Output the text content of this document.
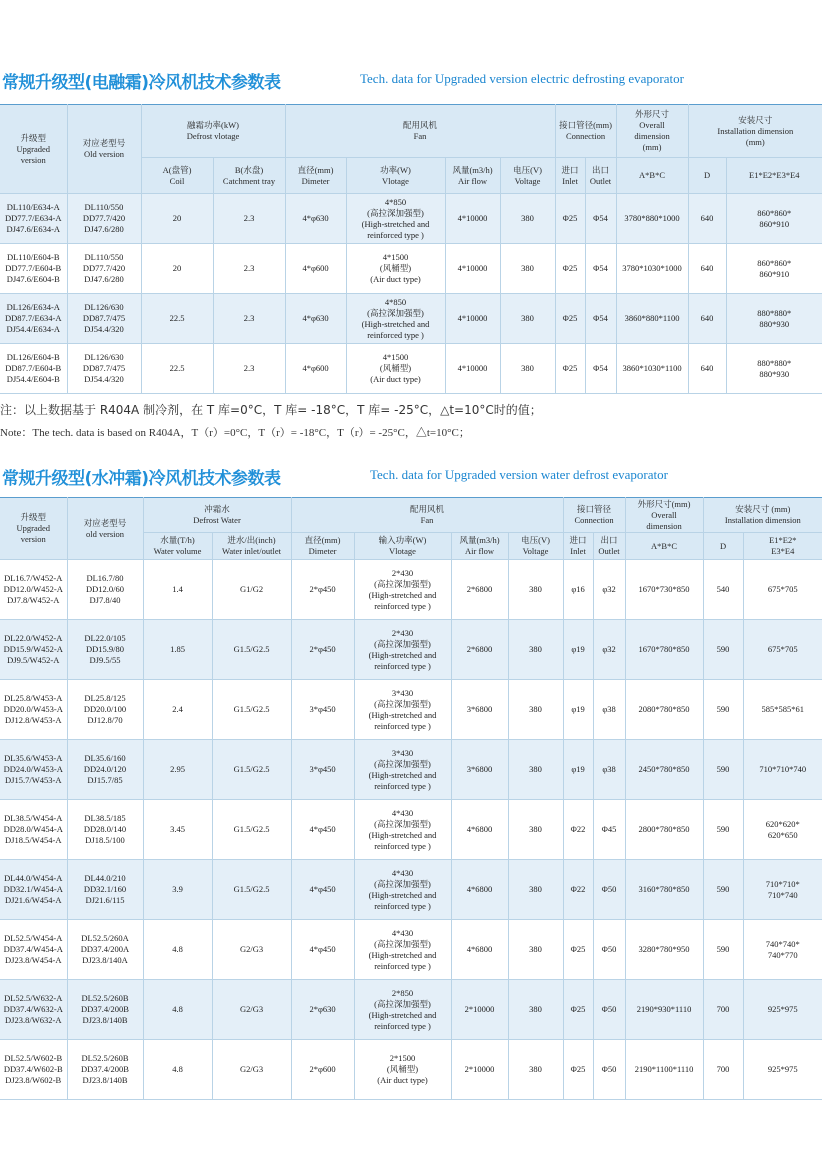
常规升级型(电融霜)冷风机技术参数表	Tech. data for Upgraded version electric defrosting evaporator
升级型
Upgraded
version	对应老型号
Old version	融霜功率(kW)
Defrost vlotage		配用风机
Fan				接口管径(mm)
Connection		外形尺寸
Overall
dimension
(mm)	安装尺寸
Installation dimension
(mm)	

		A(盘管)
Coil	B(水盘)
Catchment tray	直径(mm)
Dimeter	功率(W)
Vlotage	风量(m3/h)
Air flow	电压(V)
Voltage	进口
Inlet	出口
Outlet	A*B*C	D	E1*E2*E3*E4

DL110/E634-A
DD77.7/E634-A
DJ47.6/E634-A	DL110/550
DD77.7/420
DJ47.6/280	20	2.3	4*φ630	4*850
(高拉深加强型)
(High-stretched and
reinforced type )	4*10000	380	Φ25	Φ54	3780*880*1000	640	860*860*
860*910

DL110/E604-B
DD77.7/E604-B
DJ47.6/E604-B	DL110/550
DD77.7/420
DJ47.6/280	20	2.3	4*φ600	4*1500
(风桶型)
(Air duct type)	4*10000	380	Φ25	Φ54	3780*1030*1000	640	860*860*
860*910

DL126/E634-A
DD87.7/E634-A
DJ54.4/E634-A	DL126/630
DD87.7/475
DJ54.4/320	22.5	2.3	4*φ630	4*850
(高拉深加强型)
(High-stretched and
reinforced type )	4*10000	380	Φ25	Φ54	3860*880*1100	640	880*880*
880*930

DL126/E604-B
DD87.7/E604-B
DJ54.4/E604-B	DL126/630
DD87.7/475
DJ54.4/320	22.5	2.3	4*φ600	4*1500
(风桶型)
(Air duct type)	4*10000	380	Φ25	Φ54	3860*1030*1100	640	880*880*
880*930
注：以上数据基于 R404A 制冷剂，在 T 库=0°C，T 库= -18°C，T 库= -25°C，△t=10°C时的值；
Note：The tech. data is based on R404A，T（r）=0°C，T（r）= -18°C，T（r）= -25°C，△t=10°C；
常规升级型(水冲霜)冷风机技术参数表	Tech. data for Upgraded version water defrost evaporator
升级型
Upgraded
version	对应老型号
old version	冲霜水
Defrost Water		配用风机
Fan				接口管径
Connection		外形尺寸(mm)
Overall
dimension	安装尺寸 (mm)
Installation dimension	

		水量(T/h)
Water volume	进水/出(inch)
Water inlet/outlet	直径(mm)
Dimeter	输入功率(W)
Vlotage	风量(m3/h)
Air flow	电压(V)
Voltage	进口
Inlet	出口
Outlet	A*B*C	D	E1*E2*
E3*E4

DL16.7/W452-A
DD12.0/W452-A
DJ7.8/W452-A	DL16.7/80
DD12.0/60
DJ7.8/40	1.4	G1/G2	2*φ450	2*430
(高拉深加强型)
(High-stretched and
reinforced type )	2*6800	380	φ16	φ32	1670*730*850	540	675*705

DL22.0/W452-A
DD15.9/W452-A
DJ9.5/W452-A	DL22.0/105
DD15.9/80
DJ9.5/55	1.85	G1.5/G2.5	2*φ450	2*430
(高拉深加强型)
(High-stretched and
reinforced type )	2*6800	380	φ19	φ32	1670*780*850	590	675*705

DL25.8/W453-A
DD20.0/W453-A
DJ12.8/W453-A	DL25.8/125
DD20.0/100
DJ12.8/70	2.4	G1.5/G2.5	3*φ450	3*430
(高拉深加强型)
(High-stretched and
reinforced type )	3*6800	380	φ19	φ38	2080*780*850	590	585*585*61

DL35.6/W453-A
DD24.0/W453-A
DJ15.7/W453-A	DL35.6/160
DD24.0/120
DJ15.7/85	2.95	G1.5/G2.5	3*φ450	3*430
(高拉深加强型)
(High-stretched and
reinforced type )	3*6800	380	φ19	φ38	2450*780*850	590	710*710*740

DL38.5/W454-A
DD28.0/W454-A
DJ18.5/W454-A	DL38.5/185
DD28.0/140
DJ18.5/100	3.45	G1.5/G2.5	4*φ450	4*430
(高拉深加强型)
(High-stretched and
reinforced type )	4*6800	380	Φ22	Φ45	2800*780*850	590	620*620*
620*650

DL44.0/W454-A
DD32.1/W454-A
DJ21.6/W454-A	DL44.0/210
DD32.1/160
DJ21.6/115	3.9	G1.5/G2.5	4*φ450	4*430
(高拉深加强型)
(High-stretched and
reinforced type )	4*6800	380	Φ22	Φ50	3160*780*850	590	710*710*
710*740

DL52.5/W454-A
DD37.4/W454-A
DJ23.8/W454-A	DL52.5/260A
DD37.4/200A
DJ23.8/140A	4.8	G2/G3	4*φ450	4*430
(高拉深加强型)
(High-stretched and
reinforced type )	4*6800	380	Φ25	Φ50	3280*780*950	590	740*740*
740*770

DL52.5/W632-A
DD37.4/W632-A
DJ23.8/W632-A	DL52.5/260B
DD37.4/200B
DJ23.8/140B	4.8	G2/G3	2*φ630	2*850
(高拉深加强型)
(High-stretched and
reinforced type )	2*10000	380	Φ25	Φ50	2190*930*1110	700	925*975

DL52.5/W602-B
DD37.4/W602-B
DJ23.8/W602-B	DL52.5/260B
DD37.4/200B
DJ23.8/140B	4.8	G2/G3	2*φ600	2*1500
(风桶型)
(Air duct type)	2*10000	380	Φ25	Φ50	2190*1100*1110	700	925*975
